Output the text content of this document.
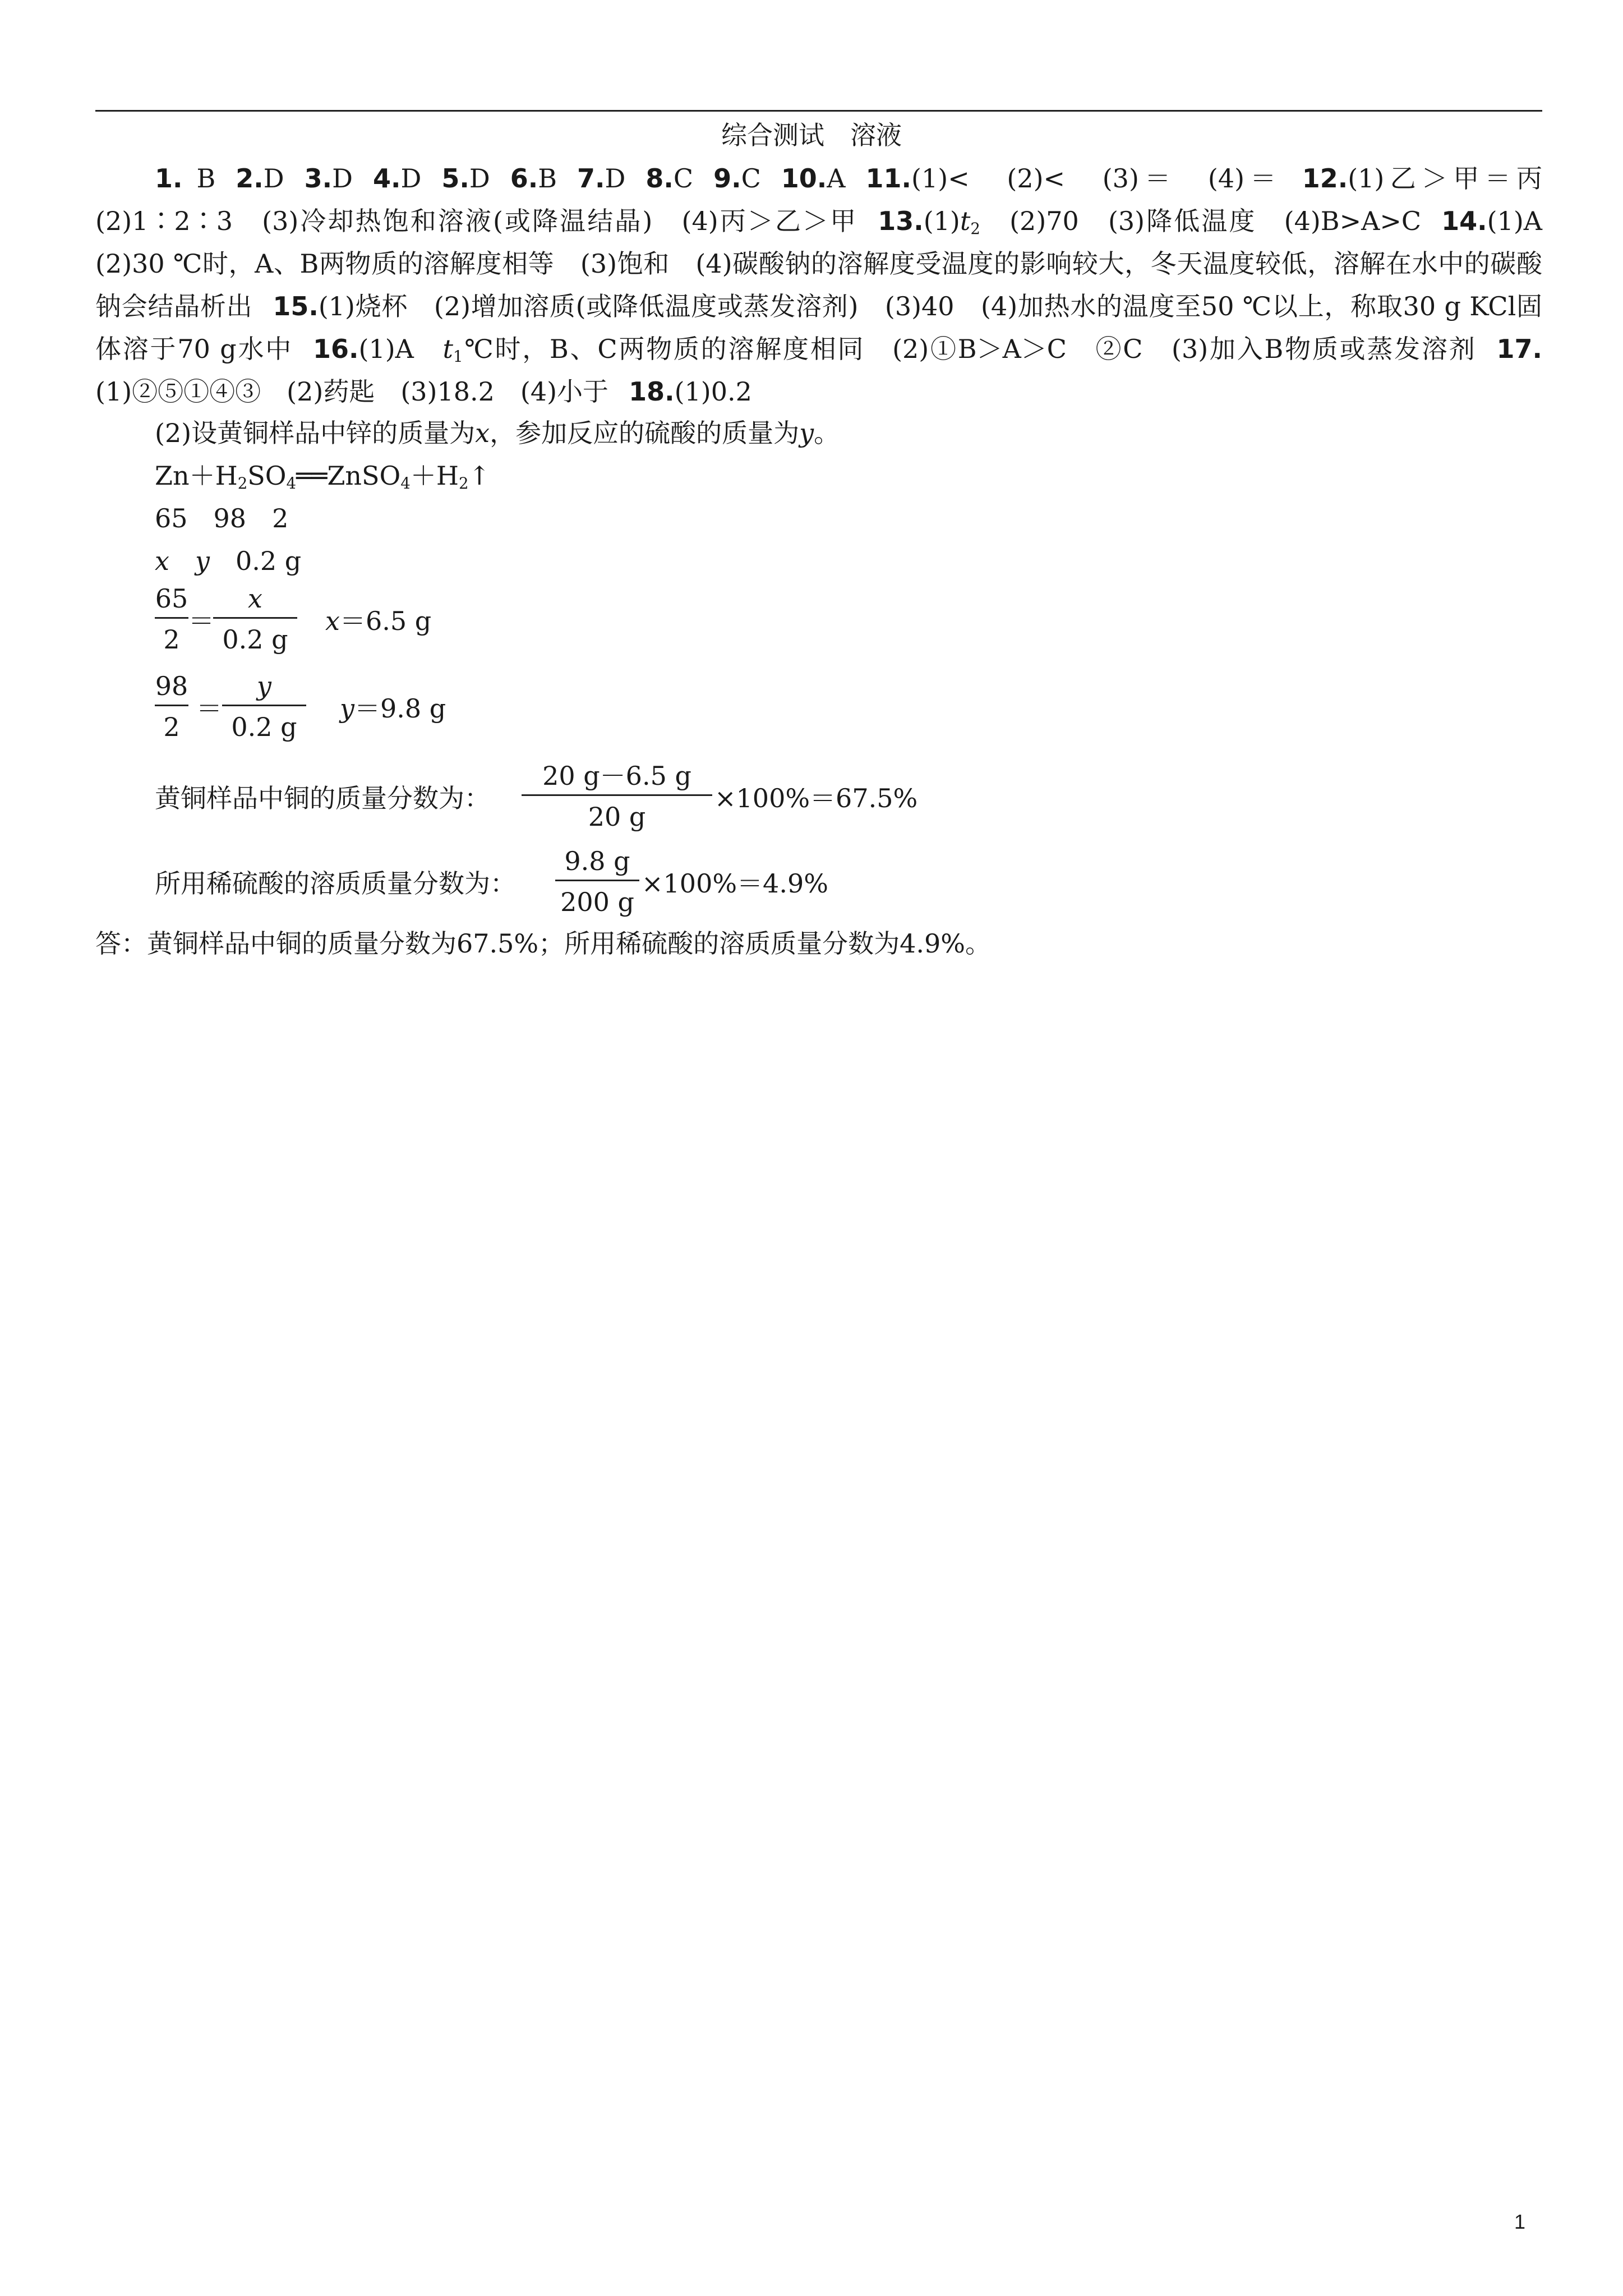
综合测试　溶液
1. B 2.D 3.D 4.D 5.D 6.B 7.D 8.C 9.C 10.A 11.(1)<　(2)<　(3)＝　(4)＝ 12.(1)乙＞甲＝丙　(2)1∶2∶3　(3)冷却热饱和溶液(或降温结晶)　(4)丙＞乙＞甲 $13.(1)t_2$　 (2)70　(3)降低温度　(4)B>A>C 14.(1)A　(2)30 ℃时，A、B两物质的溶解度相等　(3)饱和　(4)碳酸钠的溶解度受温度的影响较大，冬天温度较低，溶解在水中的碳酸钠会结晶析出 15.(1)烧杯　(2)增加溶质(或降低温度或蒸发溶剂)　(3)40　(4)加热水的温度至50 ℃以上，称取30 g KCl固体溶于70 g水中 16.(1)A　$t_1℃$时，B、C两物质的溶解度相同　(2)①B＞A＞C　②C　(3)加入B物质或蒸发溶剂 17.(1)②⑤①④③　(2)药匙　(3)18.2　(4)小于 18.(1)0.2
(2)设黄铜样品中锌的质量为x，参加反应的硫酸的质量为y。
$Zn+H_2SO_4══ZnSO_4+H_2↑$
65　98　2
x　 y　 0.2 g
65
2
＝
x
0.2 g
x＝6.5 g
98
2
＝
y
0.2 g
y＝9.8 g
黄铜样品中铜的质量分数为：
20 g－6.5 g
20 g
×100%＝67.5%
所用稀硫酸的溶质质量分数为：
9.8 g
200 g
×100%＝4.9%
答：黄铜样品中铜的质量分数为67.5%；所用稀硫酸的溶质质量分数为4.9%。
1
